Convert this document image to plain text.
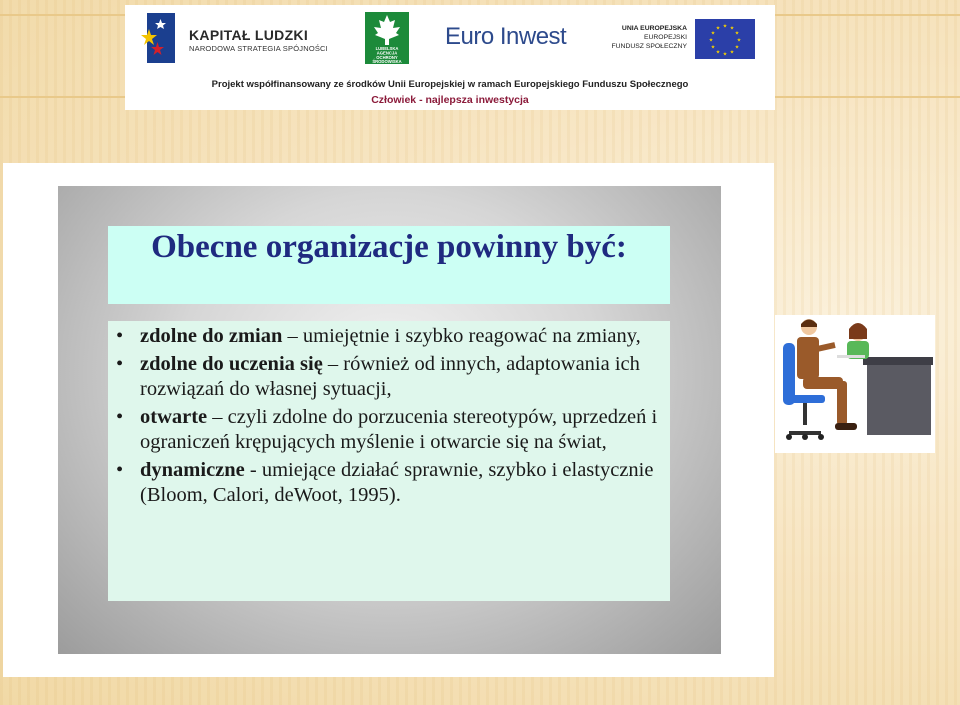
KAPITAŁ LUDZKI
NARODOWA STRATEGIA SPÓJNOŚCI	LUBELSKA
AGENCJA
OCHRONY
ŚRODOWISKA
Euro Inwest	UNIA EUROPEJSKA
EUROPEJSKI
FUNDUSZ SPOŁECZNY
★ ★
★
★
★
★
★
★
★
★
★
★
Projekt współfinansowany ze środków Unii Europejskiej w ramach Europejskiego Funduszu Społecznego
Człowiek - najlepsza inwestycja
Obecne organizacje powinny być:
• zdolne do zmian – umiejętnie i szybko reagować na zmiany,
• zdolne do uczenia się – również od innych, adaptowania ich rozwiązań do własnej sytuacji,
• otwarte – czyli zdolne do porzucenia stereotypów, uprzedzeń i ograniczeń krępujących myślenie i otwarcie się na świat,
• dynamiczne - umiejące działać sprawnie, szybko i elastycznie (Bloom, Calori, deWoot, 1995).
